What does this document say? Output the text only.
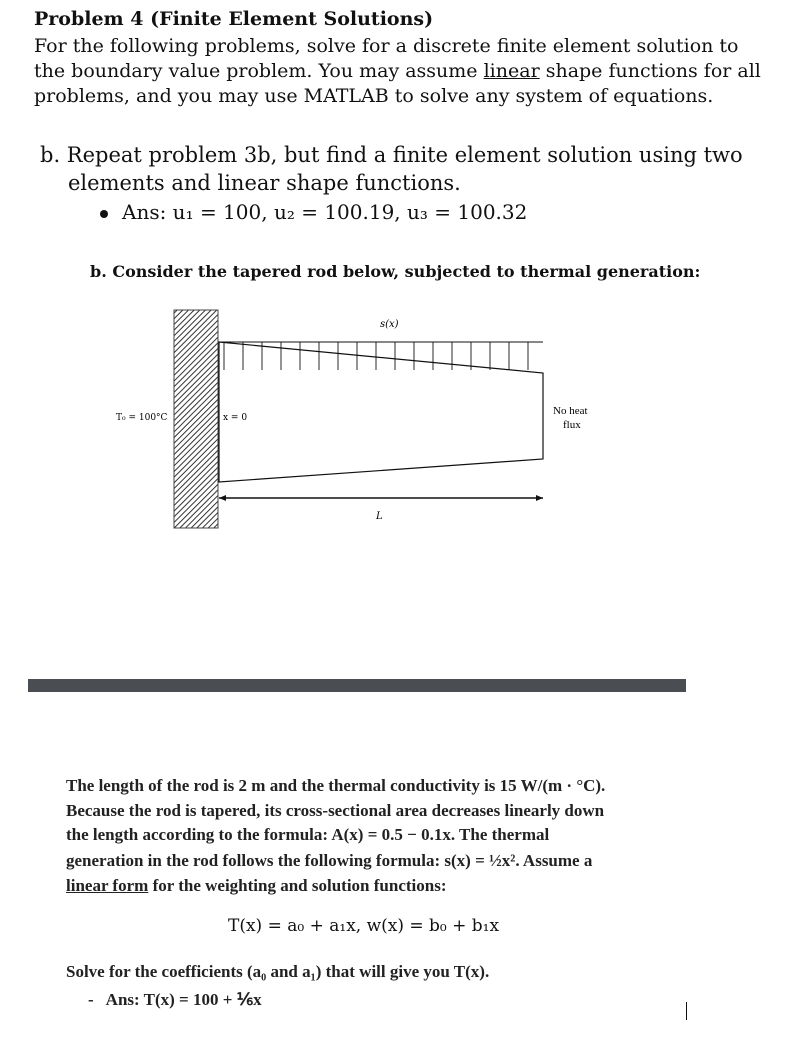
Problem 4 (Finite Element Solutions)
For the following problems, solve for a discrete finite element solution to
the boundary value problem. You may assume linear shape functions for all
problems, and you may use MATLAB to solve any system of equations.
b. Repeat problem 3b, but find a finite element solution using two
elements and linear shape functions.
Ans: u₁ = 100, u₂ = 100.19, u₃ = 100.32
b. Consider the tapered rod below, subjected to thermal generation:
s(x)
T₀ = 100°C	x = 0
No heat
flux
L
The length of the rod is 2 m and the thermal conductivity is 15 W/(m · °C).
Because the rod is tapered, its cross-sectional area decreases linearly down
the length according to the formula: A(x) = 0.5 − 0.1x. The thermal
generation in the rod follows the following formula: s(x) = ½x². Assume a
linear form for the weighting and solution functions:
T(x) = a₀ + a₁x, w(x) = b₀ + b₁x
Solve for the coefficients (a₀ and a₁) that will give you T(x).
- Ans: T(x) = 100 + ⅙x
